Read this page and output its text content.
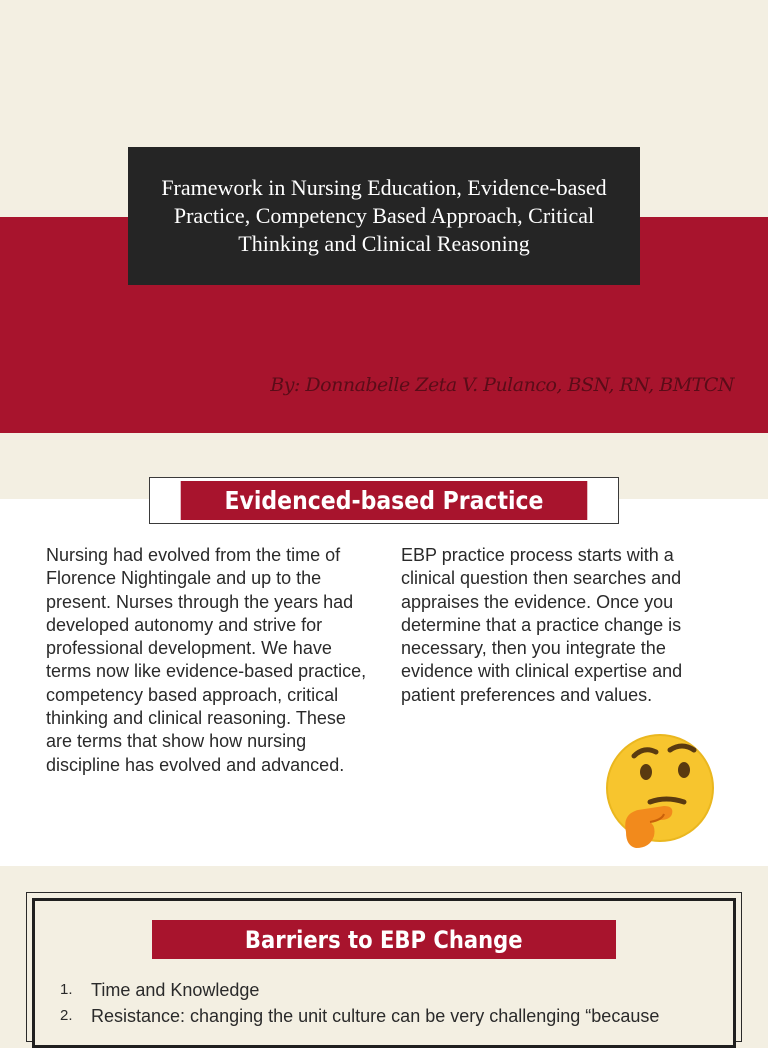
Framework in Nursing Education, Evidence-based Practice, Competency Based Approach, Critical Thinking and Clinical Reasoning
By: Donnabelle Zeta V. Pulanco, BSN, RN, BMTCN
Evidenced-based Practice
Nursing had evolved from the time of Florence Nightingale and up to the present. Nurses through the years had developed autonomy and strive for professional development. We have terms now like evidence-based practice, competency based approach, critical thinking and clinical reasoning. These are terms that show how nursing discipline has evolved and advanced.
EBP practice process starts with a clinical question then searches and appraises the evidence. Once you determine that a practice change is necessary, then you integrate the evidence with clinical expertise and patient preferences and values.
Barriers to EBP Change
1.	Time and Knowledge
2.	Resistance: changing the unit culture can be very challenging “because
